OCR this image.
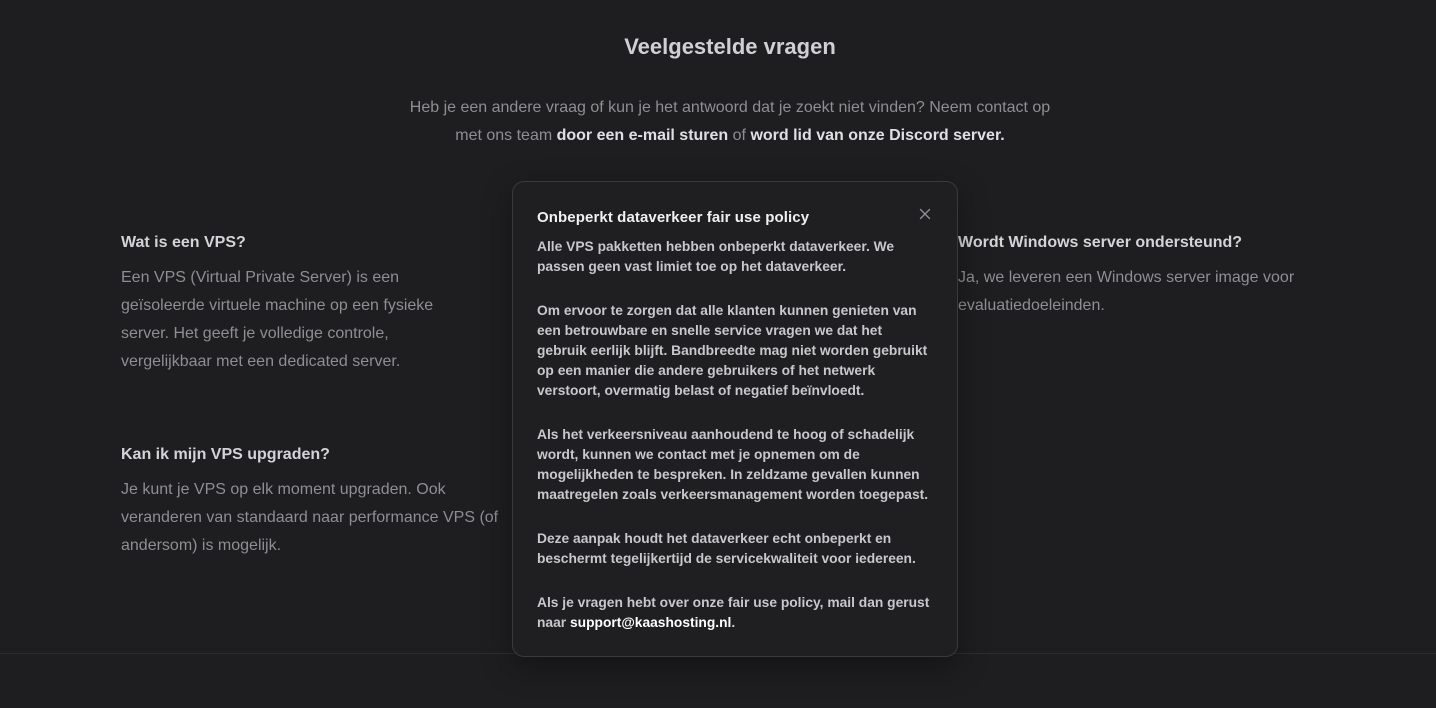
Veelgestelde vragen

Heb je een andere vraag of kun je het antwoord dat je zoekt niet vinden? Neem contact op met ons team door een e-mail sturen of word lid van onze Discord server.

Wat is een VPS?

Een VPS (Virtual Private Server) is een geïsoleerde virtuele machine op een fysieke server. Het geeft je volledige controle, vergelijkbaar met een dedicated server.

Kan ik mijn VPS upgraden?

Je kunt je VPS op elk moment upgraden. Ook veranderen van standaard naar performance VPS (of andersom) is mogelijk.

Wordt Windows server ondersteund?

Ja, we leveren een Windows server image voor evaluatiedoeleinden.

Onbeperkt dataverkeer fair use policy

Alle VPS pakketten hebben onbeperkt dataverkeer. We passen geen vast limiet toe op het dataverkeer.

Om ervoor te zorgen dat alle klanten kunnen genieten van een betrouwbare en snelle service vragen we dat het gebruik eerlijk blijft. Bandbreedte mag niet worden gebruikt op een manier die andere gebruikers of het netwerk verstoort, overmatig belast of negatief beïnvloedt.

Als het verkeersniveau aanhoudend te hoog of schadelijk wordt, kunnen we contact met je opnemen om de mogelijkheden te bespreken. In zeldzame gevallen kunnen maatregelen zoals verkeersmanagement worden toegepast.

Deze aanpak houdt het dataverkeer echt onbeperkt en beschermt tegelijkertijd de servicekwaliteit voor iedereen.

Als je vragen hebt over onze fair use policy, mail dan gerust naar support@kaashosting.nl.
